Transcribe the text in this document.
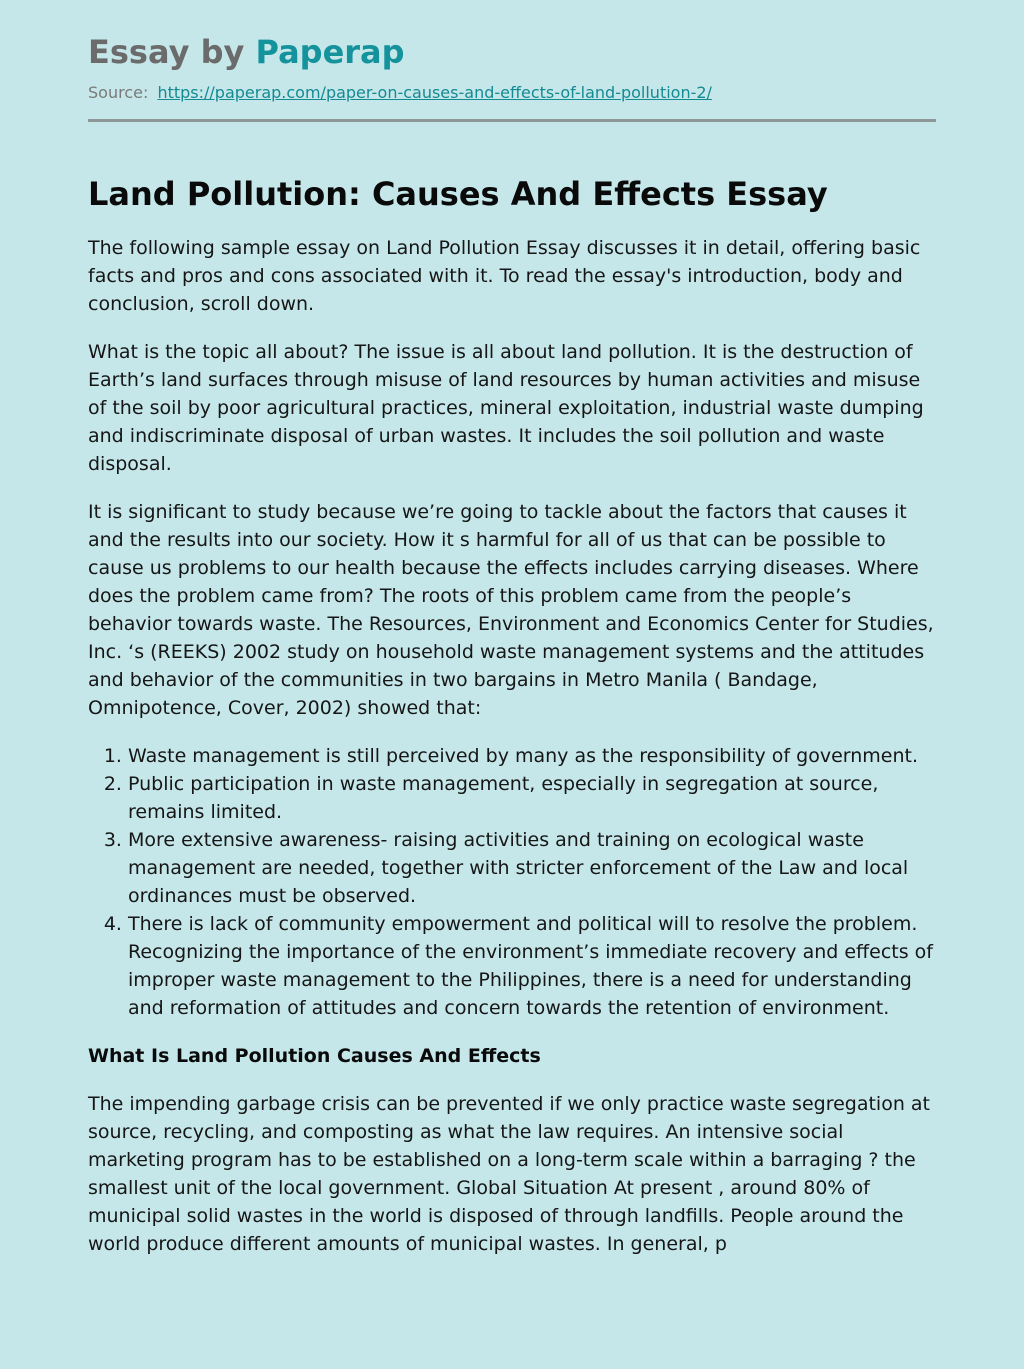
Essay by Paperap
Source: https://paperap.com/paper-on-causes-and-effects-of-land-pollution-2/
Land Pollution: Causes And Effects Essay

The following sample essay on Land Pollution Essay discusses it in detail, offering basic facts and pros and cons associated with it. To read the essay's introduction, body and conclusion, scroll down.

What is the topic all about? The issue is all about land pollution. It is the destruction of Earth’s land surfaces through misuse of land resources by human activities and misuse of the soil by poor agricultural practices, mineral exploitation, industrial waste dumping and indiscriminate disposal of urban wastes. It includes the soil pollution and waste disposal.

It is significant to study because we’re going to tackle about the factors that causes it and the results into our society. How it s harmful for all of us that can be possible to cause us problems to our health because the effects includes carrying diseases. Where does the problem came from? The roots of this problem came from the people’s behavior towards waste. The Resources, Environment and Economics Center for Studies, Inc. ‘s (REEKS) 2002 study on household waste management systems and the attitudes and behavior of the communities in two bargains in Metro Manila ( Bandage, Omnipotence, Cover, 2002) showed that:

1. Waste management is still perceived by many as the responsibility of government.
2. Public participation in waste management, especially in segregation at source, remains limited.
3. More extensive awareness- raising activities and training on ecological waste management are needed, together with stricter enforcement of the Law and local ordinances must be observed.
4. There is lack of community empowerment and political will to resolve the problem. Recognizing the importance of the environment’s immediate recovery and effects of improper waste management to the Philippines, there is a need for understanding and reformation of attitudes and concern towards the retention of environment.
What Is Land Pollution Causes And Effects

The impending garbage crisis can be prevented if we only practice waste segregation at source, recycling, and composting as what the law requires. An intensive social marketing program has to be established on a long-term scale within a barraging ? the smallest unit of the local government. Global Situation At present , around 80% of municipal solid wastes in the world is disposed of through landfills. People around the world produce different amounts of municipal wastes. In general, p
